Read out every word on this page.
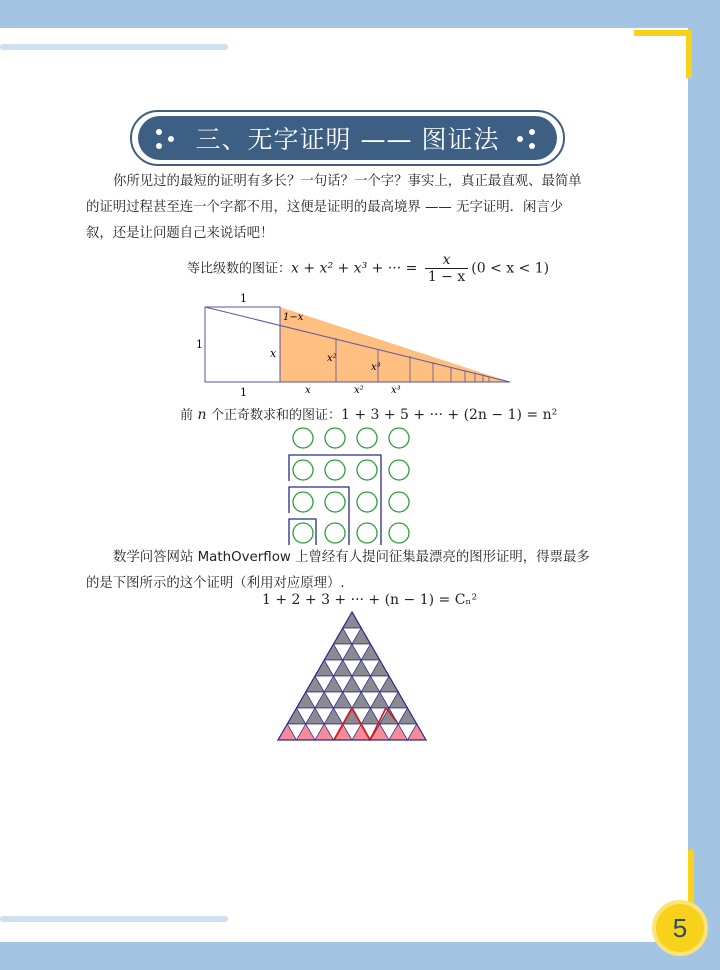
三、无字证明 —— 图证法
你所见过的最短的证明有多长？一句话？一个字？事实上，真正最直观、最简单
的证明过程甚至连一个字都不用，这便是证明的最高境界 —— 无字证明．闲言少
叙，还是让问题自己来说话吧！
等比级数的图证：x + x² + x³ + ··· = $\frac{x}{1 - x} (0 < x < 1)$
1
1
1
1−x
x	x²
x³
x	x²	x³
前 n 个正奇数求和的图证：1 + 3 + 5 + ··· + (2n − 1) = n²
数学问答网站 MathOverflow 上曾经有人提问征集最漂亮的图形证明，得票最多
的是下图所示的这个证明（利用对应原理）.
1 + 2 + 3 + ··· + (n − 1) = Cₙ²
5
